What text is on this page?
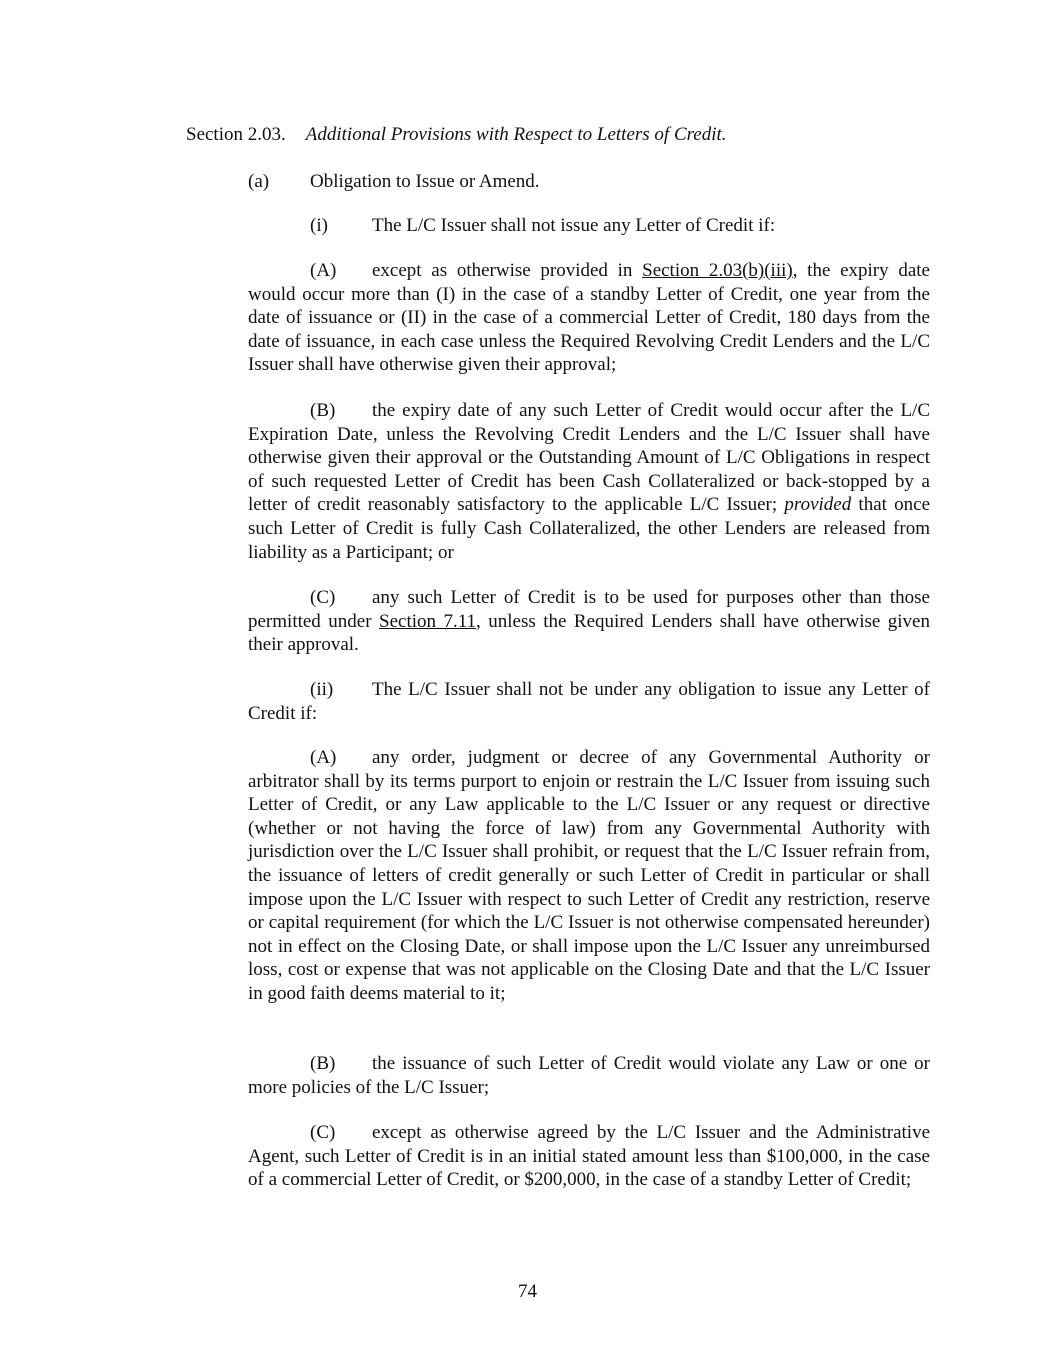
Section 2.03. Additional Provisions with Respect to Letters of Credit.
(a) Obligation to Issue or Amend.
(i) The L/C Issuer shall not issue any Letter of Credit if:
(A) except as otherwise provided in Section 2.03(b)(iii), the expiry date would occur more than (I) in the case of a standby Letter of Credit, one year from the date of issuance or (II) in the case of a commercial Letter of Credit, 180 days from the date of issuance, in each case unless the Required Revolving Credit Lenders and the L/C Issuer shall have otherwise given their approval;
(B) the expiry date of any such Letter of Credit would occur after the L/C Expiration Date, unless the Revolving Credit Lenders and the L/C Issuer shall have otherwise given their approval or the Outstanding Amount of L/C Obligations in respect of such requested Letter of Credit has been Cash Collateralized or back-stopped by a letter of credit reasonably satisfactory to the applicable L/C Issuer; provided that once such Letter of Credit is fully Cash Collateralized, the other Lenders are released from liability as a Participant; or
(C) any such Letter of Credit is to be used for purposes other than those permitted under Section 7.11, unless the Required Lenders shall have otherwise given their approval.
(ii) The L/C Issuer shall not be under any obligation to issue any Letter of Credit if:
(A) any order, judgment or decree of any Governmental Authority or arbitrator shall by its terms purport to enjoin or restrain the L/C Issuer from issuing such Letter of Credit, or any Law applicable to the L/C Issuer or any request or directive (whether or not having the force of law) from any Governmental Authority with jurisdiction over the L/C Issuer shall prohibit, or request that the L/C Issuer refrain from, the issuance of letters of credit generally or such Letter of Credit in particular or shall impose upon the L/C Issuer with respect to such Letter of Credit any restriction, reserve or capital requirement (for which the L/C Issuer is not otherwise compensated hereunder) not in effect on the Closing Date, or shall impose upon the L/C Issuer any unreimbursed loss, cost or expense that was not applicable on the Closing Date and that the L/C Issuer in good faith deems material to it;
(B) the issuance of such Letter of Credit would violate any Law or one or more policies of the L/C Issuer;
(C) except as otherwise agreed by the L/C Issuer and the Administrative Agent, such Letter of Credit is in an initial stated amount less than $100,000, in the case of a commercial Letter of Credit, or $200,000, in the case of a standby Letter of Credit;
74
